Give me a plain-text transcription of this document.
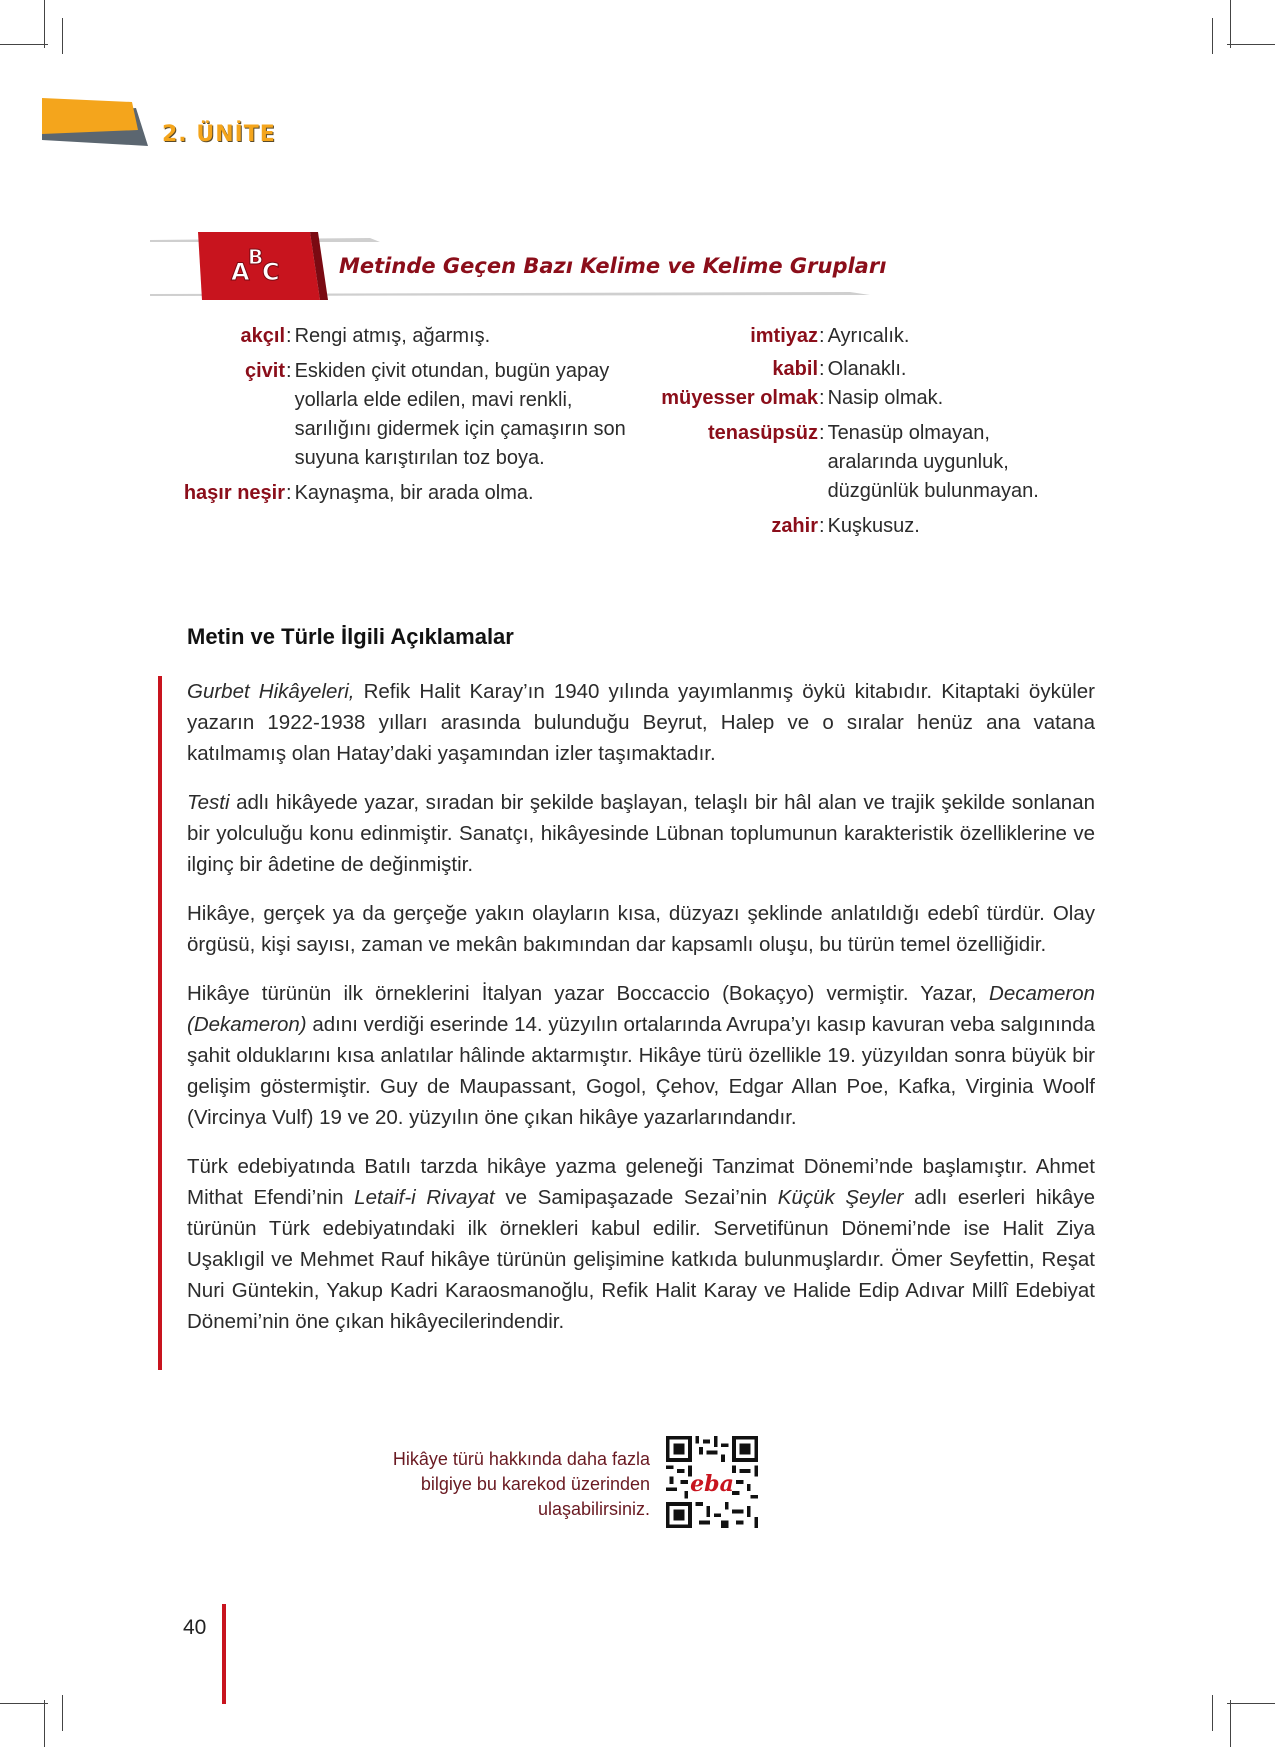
2. ÜNİTE
A
B
C	Metinde Geçen Bazı Kelime ve Kelime Grupları
akçıl : Rengi atmış, ağarmış.
çivit : Eskiden çivit otundan, bugün yapay yollarla elde edilen, mavi renkli, sarılığını gidermek için çamaşırın son suyuna karıştırılan toz boya.
haşır neşir : Kaynaşma, bir arada olma.
imtiyaz : Ayrıcalık.
kabil : Olanaklı.
müyesser olmak : Nasip olmak.
tenasüpsüz : Tenasüp olmayan, aralarında uygunluk, düzgünlük bulunmayan.
zahir : Kuşkusuz.
Metin ve Türle İlgili Açıklamalar

Gurbet Hikâyeleri, Refik Halit Karay’ın 1940 yılında yayımlanmış öykü kitabıdır. Kitaptaki öyküler yazarın 1922-1938 yılları arasında bulunduğu Beyrut, Halep ve o sıralar henüz ana vatana katılmamış olan Hatay’daki yaşamından izler taşımaktadır.

Testi adlı hikâyede yazar, sıradan bir şekilde başlayan, telaşlı bir hâl alan ve trajik şekilde sonlanan bir yolculuğu konu edinmiştir. Sanatçı, hikâyesinde Lübnan toplumunun karakteristik özelliklerine ve ilginç bir âdetine de değinmiştir.

Hikâye, gerçek ya da gerçeğe yakın olayların kısa, düzyazı şeklinde anlatıldığı edebî türdür. Olay örgüsü, kişi sayısı, zaman ve mekân bakımından dar kapsamlı oluşu, bu türün temel özelliğidir.

Hikâye türünün ilk örneklerini İtalyan yazar Boccaccio (Bokaçyo) vermiştir. Yazar, Decameron (Dekameron) adını verdiği eserinde 14. yüzyılın ortalarında Avrupa’yı kasıp kavuran veba salgınında şahit olduklarını kısa anlatılar hâlinde aktarmıştır. Hikâye türü özellikle 19. yüzyıldan sonra büyük bir gelişim göstermiştir. Guy de Maupassant, Gogol, Çehov, Edgar Allan Poe, Kafka, Virginia Woolf (Vircinya Vulf) 19 ve 20. yüzyılın öne çıkan hikâye yazarlarındandır.

Türk edebiyatında Batılı tarzda hikâye yazma geleneği Tanzimat Dönemi’nde başlamıştır. Ahmet Mithat Efendi’nin Letaif-i Rivayat ve Samipaşazade Sezai’nin Küçük Şeyler adlı eserleri hikâye türünün Türk edebiyatındaki ilk örnekleri kabul edilir. Servetifünun Dönemi’nde ise Halit Ziya Uşaklıgil ve Mehmet Rauf hikâye türünün gelişimine katkıda bulunmuşlardır. Ömer Seyfettin, Reşat Nuri Güntekin, Yakup Kadri Karaosmanoğlu, Refik Halit Karay ve Halide Edip Adıvar Millî Edebiyat Dönemi’nin öne çıkan hikâyecilerindendir.

Hikâye türü hakkında daha fazla
bilgiye bu karekod üzerinden
ulaşabilirsiniz.
eba
40
